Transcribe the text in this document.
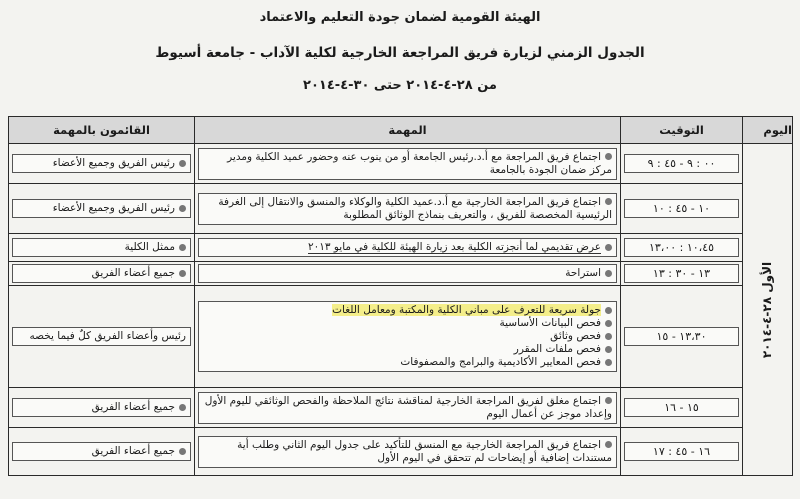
الهيئة القومية لضمان جودة التعليم والاعتماد
الجدول الزمني لزيارة فريق المراجعة الخارجية لكلية الآداب - جامعة أسيوط
من ٢٨-٤-٢٠١٤ حتى ٣٠-٤-٢٠١٤
اليوم	التوقيت	المهمة	القائمون بالمهمة

الأول ٢٨-٤-٢٠١٤	٠٠ : ٩ - ٤٥ : ٩	اجتماع فريق المراجعة مع أ.د.رئيس الجامعة أو من ينوب عنه وحضور عميد الكلية ومدير مركز ضمان الجودة بالجامعة	رئيس الفريق وجميع الأعضاء

	١٠ - ٤٥ : ١٠	اجتماع فريق المراجعة الخارجية مع أ.د.عميد الكلية والوكلاء والمنسق والانتقال إلى الغرفة الرئيسية المخصصة للفريق ، والتعريف بنماذج الوثائق المطلوبة	رئيس الفريق وجميع الأعضاء

	١٠،٤٥ : ١٣،٠٠	عرض تقديمي لما أنجزته الكلية بعد زيارة الهيئة للكلية في مايو ٢٠١٣	ممثل الكلية

	١٣ - ٣٠ : ١٣	استراحة	جميع أعضاء الفريق

	١٣،٣٠ - ١٥	جولة سريعة للتعرف على مباني الكلية والمكتبة ومعامل اللغات
فحص البيانات الأساسية
فحص وثائق
فحص ملفات المقرر
فحص المعايير الأكاديمية والبرامج والمصفوفات	رئيس وأعضاء الفريق كلٌ فيما يخصه

	١٥ - ١٦	اجتماع مغلق لفريق المراجعة الخارجية لمناقشة نتائج الملاحظة والفحص الوثائقي لليوم الأول وإعداد موجز عن أعمال اليوم	جميع أعضاء الفريق

	١٦ - ٤٥ : ١٧	اجتماع فريق المراجعة الخارجية مع المنسق للتأكيد على جدول اليوم الثاني وطلب أية مستندات إضافية أو إيضاحات لم تتحقق في اليوم الأول	جميع أعضاء الفريق
